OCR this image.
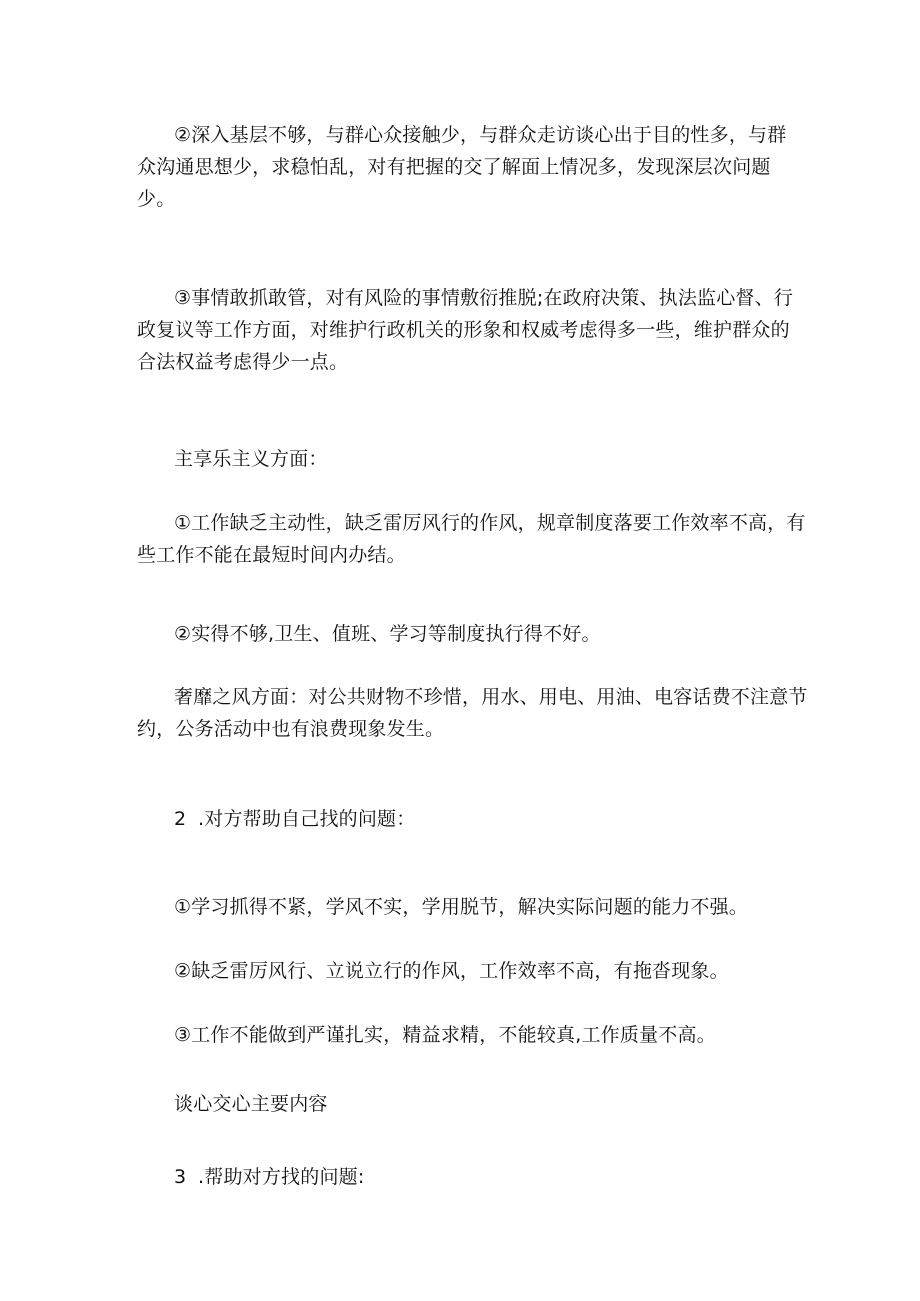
②深入基层不够，与群心众接触少，与群众走访谈心出于目的性多，与群
众沟通思想少，求稳怕乱，对有把握的交了解面上情况多，发现深层次问题
少。
③事情敢抓敢管，对有风险的事情敷衍推脱;在政府决策、执法监心督、行
政复议等工作方面，对维护行政机关的形象和权威考虑得多一些，维护群众的
合法权益考虑得少一点。
主享乐主义方面：
①工作缺乏主动性，缺乏雷厉风行的作风，规章制度落要工作效率不高，有
些工作不能在最短时间内办结。
②实得不够,卫生、值班、学习等制度执行得不好。
奢靡之风方面：对公共财物不珍惜，用水、用电、用油、电容话费不注意节
约，公务活动中也有浪费现象发生。
2 .对方帮助自己找的问题：
①学习抓得不紧，学风不实，学用脱节，解决实际问题的能力不强。
②缺乏雷厉风行、立说立行的作风，工作效率不高，有拖沓现象。
③工作不能做到严谨扎实，精益求精，不能较真,工作质量不高。
谈心交心主要内容
3 .帮助对方找的问题:
